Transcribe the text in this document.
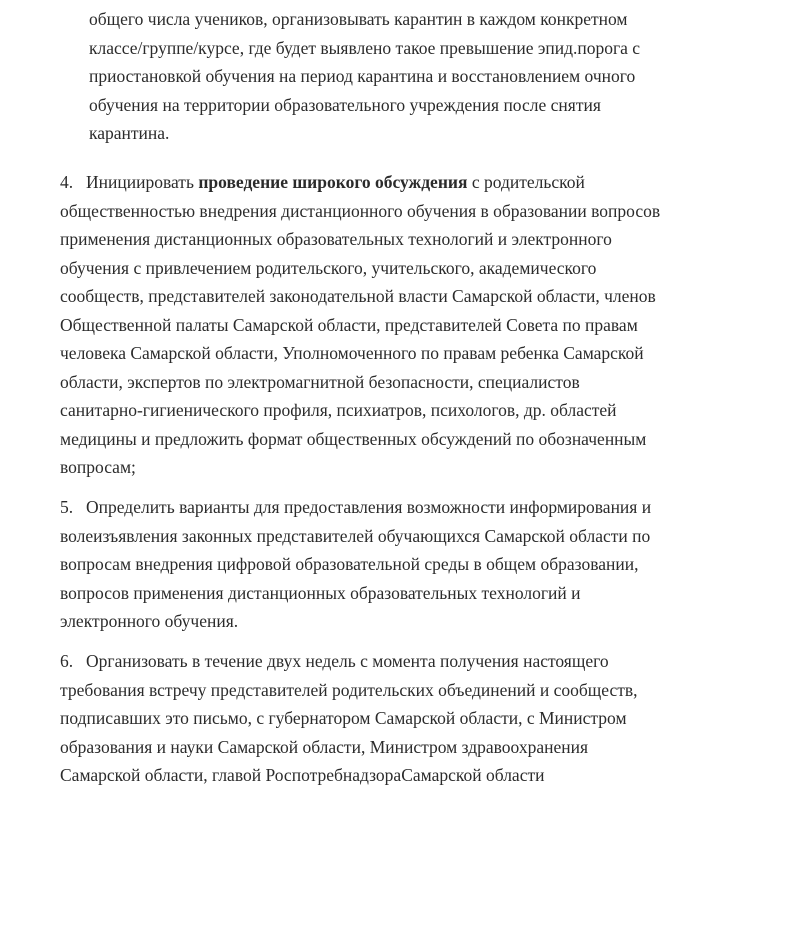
общего числа учеников, организовывать карантин в каждом конкретном
классе/группе/курсе, где будет выявлено такое превышение эпид.порога с
приостановкой обучения на период карантина и восстановлением очного
обучения на территории образовательного учреждения после снятия
карантина.

4. Инициировать проведение широкого обсуждения с родительской
общественностью внедрения дистанционного обучения в образовании вопросов
применения дистанционных образовательных технологий и электронного
обучения с привлечением родительского, учительского, академического
сообществ, представителей законодательной власти Самарской области, членов
Общественной палаты Самарской области, представителей Совета по правам
человека Самарской области, Уполномоченного по правам ребенка Самарской
области, экспертов по электромагнитной безопасности, специалистов
санитарно-гигиенического профиля, психиатров, психологов, др. областей
медицины и предложить формат общественных обсуждений по обозначенным
вопросам;

5. Определить варианты для предоставления возможности информирования и
волеизъявления законных представителей обучающихся Самарской области по
вопросам внедрения цифровой образовательной среды в общем образовании,
вопросов применения дистанционных образовательных технологий и
электронного обучения.

6. Организовать в течение двух недель с момента получения настоящего
требования встречу представителей родительских объединений и сообществ,
подписавших это письмо, с губернатором Самарской области, с Министром
образования и науки Самарской области, Министром здравоохранения
Самарской области, главой РоспотребнадзораСамарской области
